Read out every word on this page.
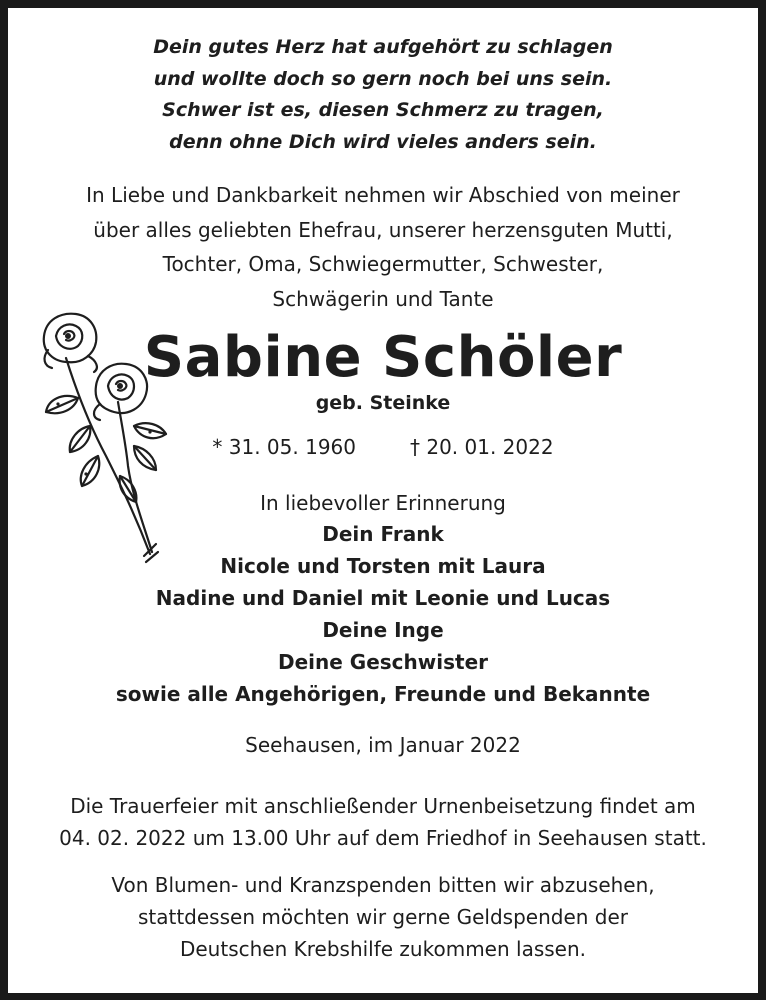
Dein gutes Herz hat aufgehört zu schlagen
und wollte doch so gern noch bei uns sein.
Schwer ist es, diesen Schmerz zu tragen,
denn ohne Dich wird vieles anders sein.
In Liebe und Dankbarkeit nehmen wir Abschied von meiner
über alles geliebten Ehefrau, unserer herzensguten Mutti,
Tochter, Oma, Schwiegermutter, Schwester,
Schwägerin und Tante
Sabine Schöler
geb. Steinke
* 31. 05. 1960	† 20. 01. 2022
In liebevoller Erinnerung
Dein Frank
Nicole und Torsten mit Laura
Nadine und Daniel mit Leonie und Lucas
Deine Inge
Deine Geschwister
sowie alle Angehörigen, Freunde und Bekannte
Seehausen, im Januar 2022
Die Trauerfeier mit anschließender Urnenbeisetzung findet am
04. 02. 2022 um 13.00 Uhr auf dem Friedhof in Seehausen statt.
Von Blumen- und Kranzspenden bitten wir abzusehen,
stattdessen möchten wir gerne Geldspenden der
Deutschen Krebshilfe zukommen lassen.
